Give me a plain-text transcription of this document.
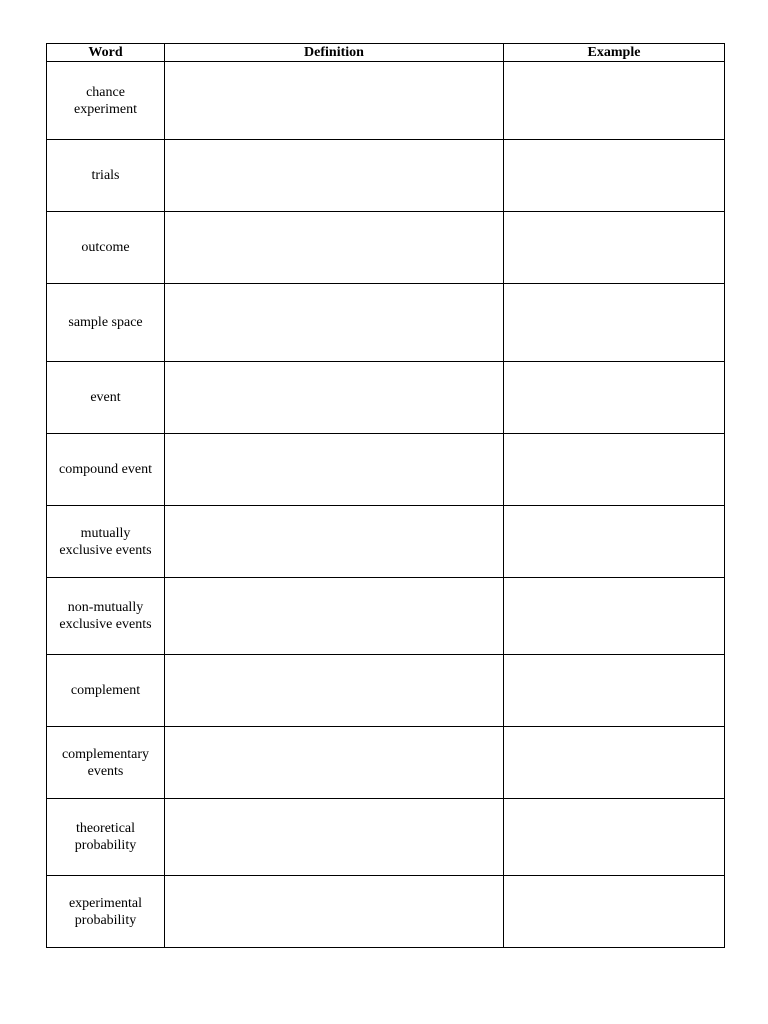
Word	Definition	Example
chance experiment		
trials		
outcome		
sample space		
event		
compound event		
mutually exclusive events		
non-mutually exclusive events		
complement		
complementary events		
theoretical probability		
experimental probability		
